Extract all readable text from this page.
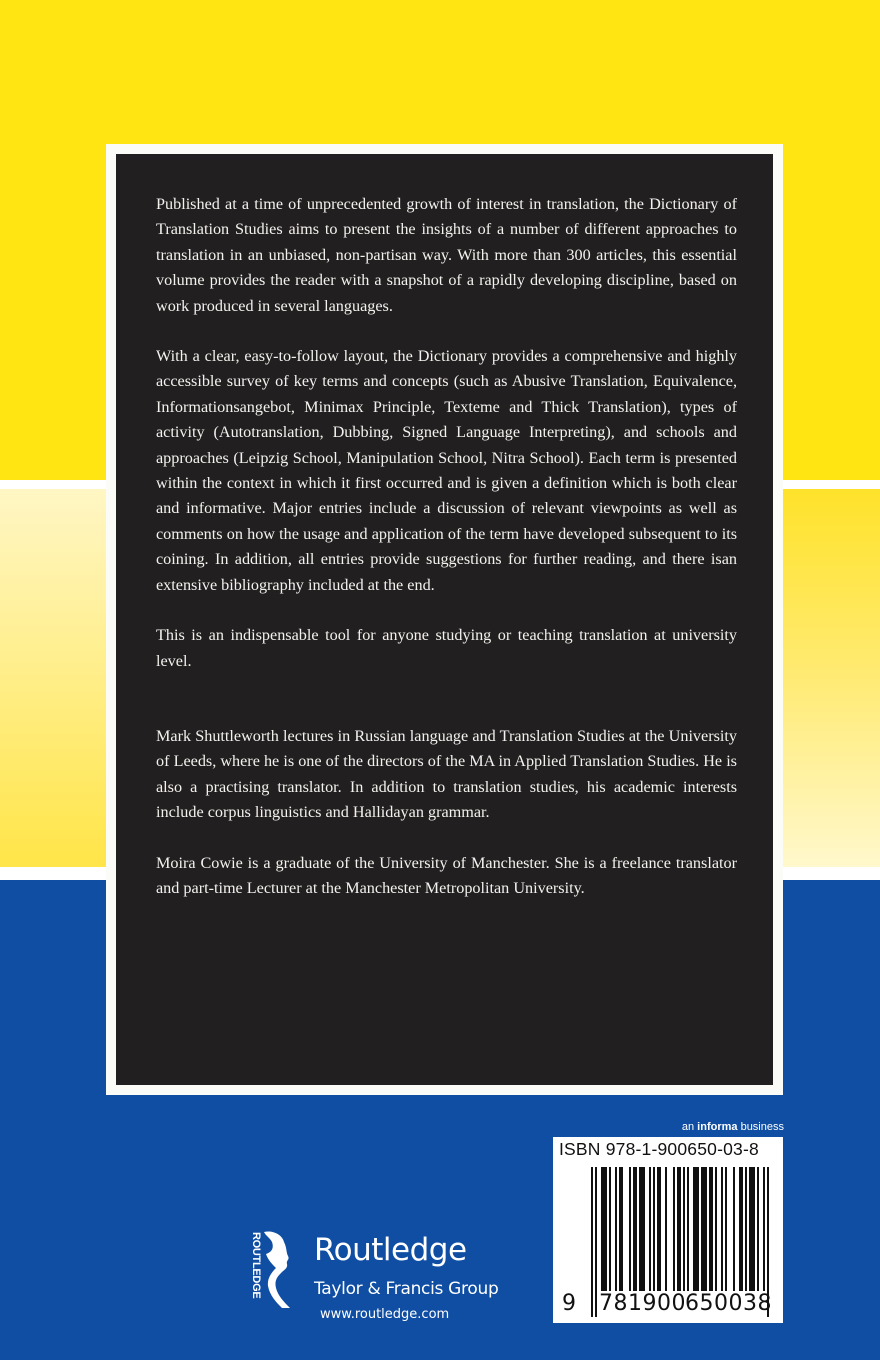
Published at a time of unprecedented growth of interest in translation, the Dictionary of Translation Studies aims to present the insights of a number of different approaches to translation in an unbiased, non-partisan way. With more than 300 articles, this essential volume provides the reader with a snapshot of a rapidly developing discipline, based on work produced in several languages.

With a clear, easy-to-follow layout, the Dictionary provides a comprehensive and highly accessible survey of key terms and concepts (such as Abusive Translation, Equivalence, Informationsangebot, Minimax Principle, Texteme and Thick Translation), types of activity (Autotranslation, Dubbing, Signed Language Interpreting), and schools and approaches (Leipzig School, Manipulation School, Nitra School). Each term is presented within the context in which it first occurred and is given a definition which is both clear and informative. Major entries include a discussion of relevant viewpoints as well as comments on how the usage and application of the term have developed subsequent to its coining. In addition, all entries provide suggestions for further reading, and there isan extensive bibliography included at the end.

This is an indispensable tool for anyone studying or teaching translation at university level.

Mark Shuttleworth lectures in Russian language and Translation Studies at the University of Leeds, where he is one of the directors of the MA in Applied Translation Studies. He is also a practising translator. In addition to translation studies, his academic interests include corpus linguistics and Hallidayan grammar.

Moira Cowie is a graduate of the University of Manchester. She is a freelance translator and part-time Lecturer at the Manchester Metropolitan University.

an informa business
ISBN 978-1-900650-03-8
9 781900 650038
ROUTLEDGE Routledge
Taylor & Francis Group
www.routledge.com
